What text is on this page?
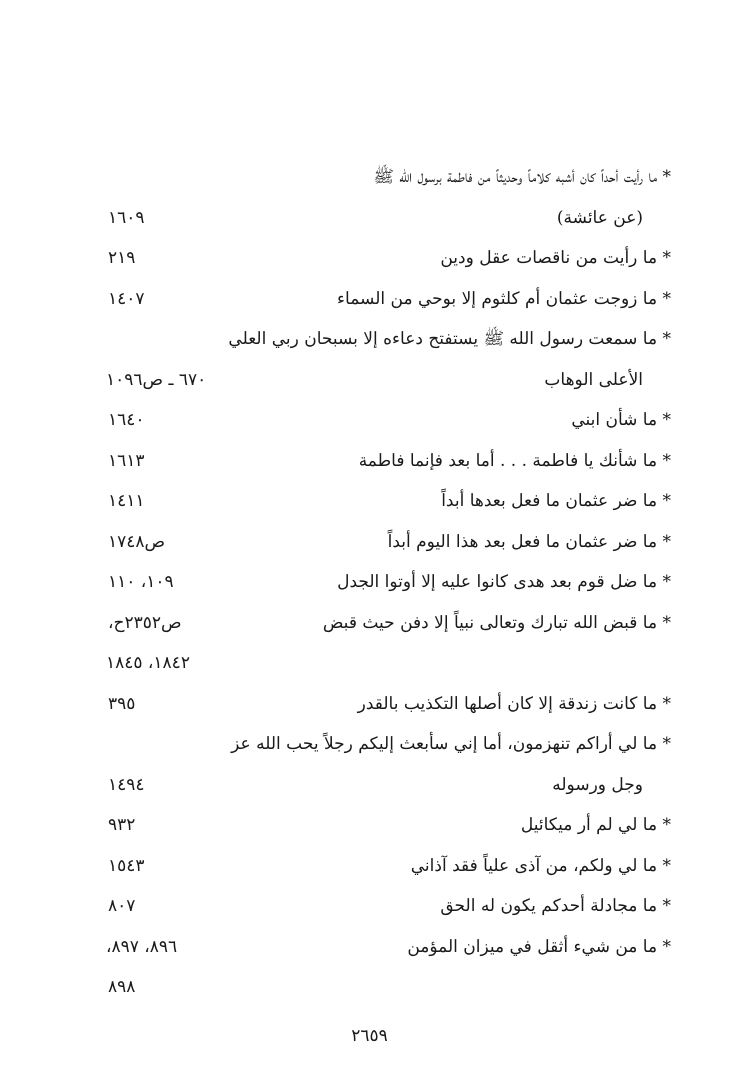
* ما رأيت أحداً كان أشبه كلاماً وحديثاً من فاطمة برسول الله ﷺ
(عن عائشة)
١٦٠٩
* ما رأيت من ناقصات عقل ودين
٢١٩
* ما زوجت عثمان أم كلثوم إلا بوحي من السماء
١٤٠٧
* ما سمعت رسول الله ﷺ يستفتح دعاءه إلا بسبحان ربي العلي
الأعلى الوهاب
٦٧٠ ـ ص١٠٩٦
* ما شأن ابني
١٦٤٠
* ما شأنك يا فاطمة . . . أما بعد فإنما فاطمة
١٦١٣
* ما ضر عثمان ما فعل بعدها أبداً
١٤١١
* ما ضر عثمان ما فعل بعد هذا اليوم أبداً
ص١٧٤٨
* ما ضل قوم بعد هدى كانوا عليه إلا أوتوا الجدل
١٠٩، ١١٠
* ما قبض الله تبارك وتعالى نبياً إلا دفن حيث قبض
ص٢٣٥٢ح،
١٨٤٢، ١٨٤٥
* ما كانت زندقة إلا كان أصلها التكذيب بالقدر
٣٩٥
* ما لي أراكم تنهزمون، أما إني سأبعث إليكم رجلاً يحب الله عز
وجل ورسوله
١٤٩٤
* ما لي لم أر ميكائيل
٩٣٢
* ما لي ولكم، من آذى علياً فقد آذاني
١٥٤٣
* ما مجادلة أحدكم يكون له الحق
٨٠٧
* ما من شيء أثقل في ميزان المؤمن
٨٩٦، ٨٩٧،
٨٩٨
٢٦٥٩
